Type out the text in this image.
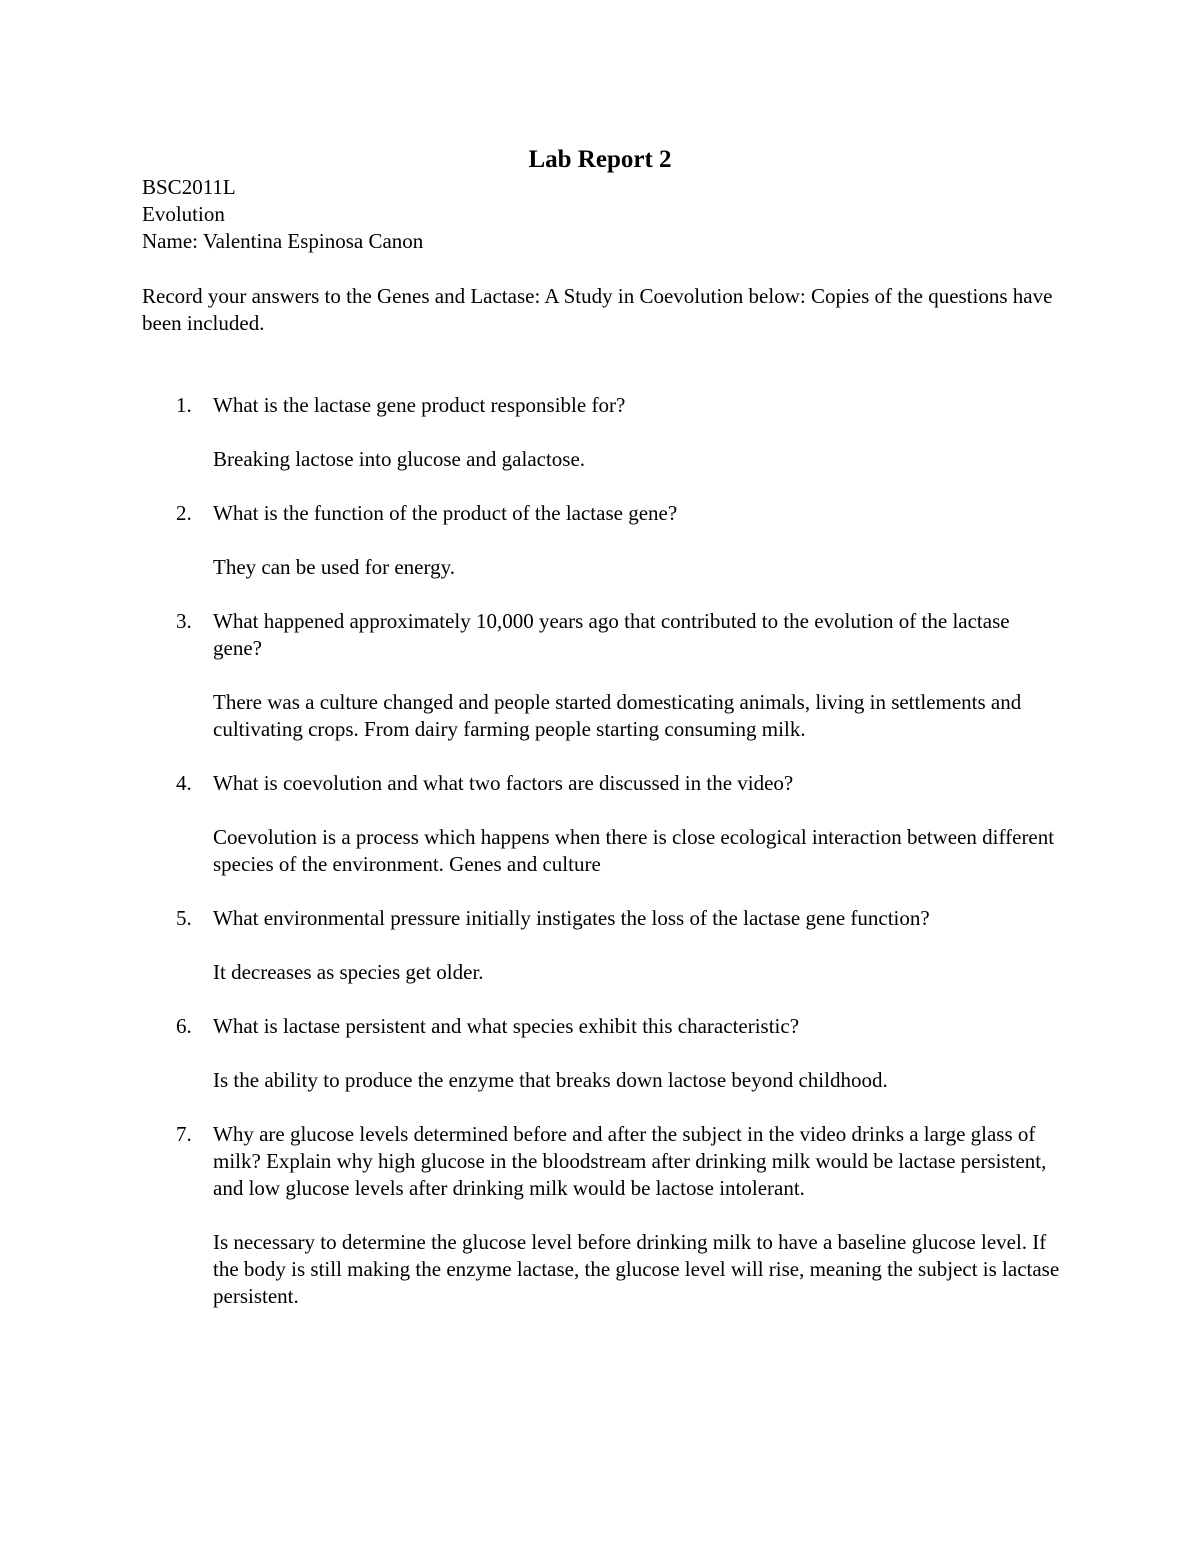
Lab Report 2
BSC2011L
Evolution
Name: Valentina Espinosa Canon
Record your answers to the Genes and Lactase: A Study in Coevolution below: Copies of the questions have been included.
1.	What is the lactase gene product responsible for?
Breaking lactose into glucose and galactose.
2.	What is the function of the product of the lactase gene?
They can be used for energy.
3.	What happened approximately 10,000 years ago that contributed to the evolution of the lactase gene?
There was a culture changed and people started domesticating animals, living in settlements and cultivating crops. From dairy farming people starting consuming milk.
4.	What is coevolution and what two factors are discussed in the video?
Coevolution is a process which happens when there is close ecological interaction between different species of the environment. Genes and culture
5.	What environmental pressure initially instigates the loss of the lactase gene function?
It decreases as species get older.
6.	What is lactase persistent and what species exhibit this characteristic?
Is the ability to produce the enzyme that breaks down lactose beyond childhood.
7.	Why are glucose levels determined before and after the subject in the video drinks a large glass of milk? Explain why high glucose in the bloodstream after drinking milk would be lactase persistent, and low glucose levels after drinking milk would be lactose intolerant.
Is necessary to determine the glucose level before drinking milk to have a baseline glucose level. If the body is still making the enzyme lactase, the glucose level will rise, meaning the subject is lactase persistent.
